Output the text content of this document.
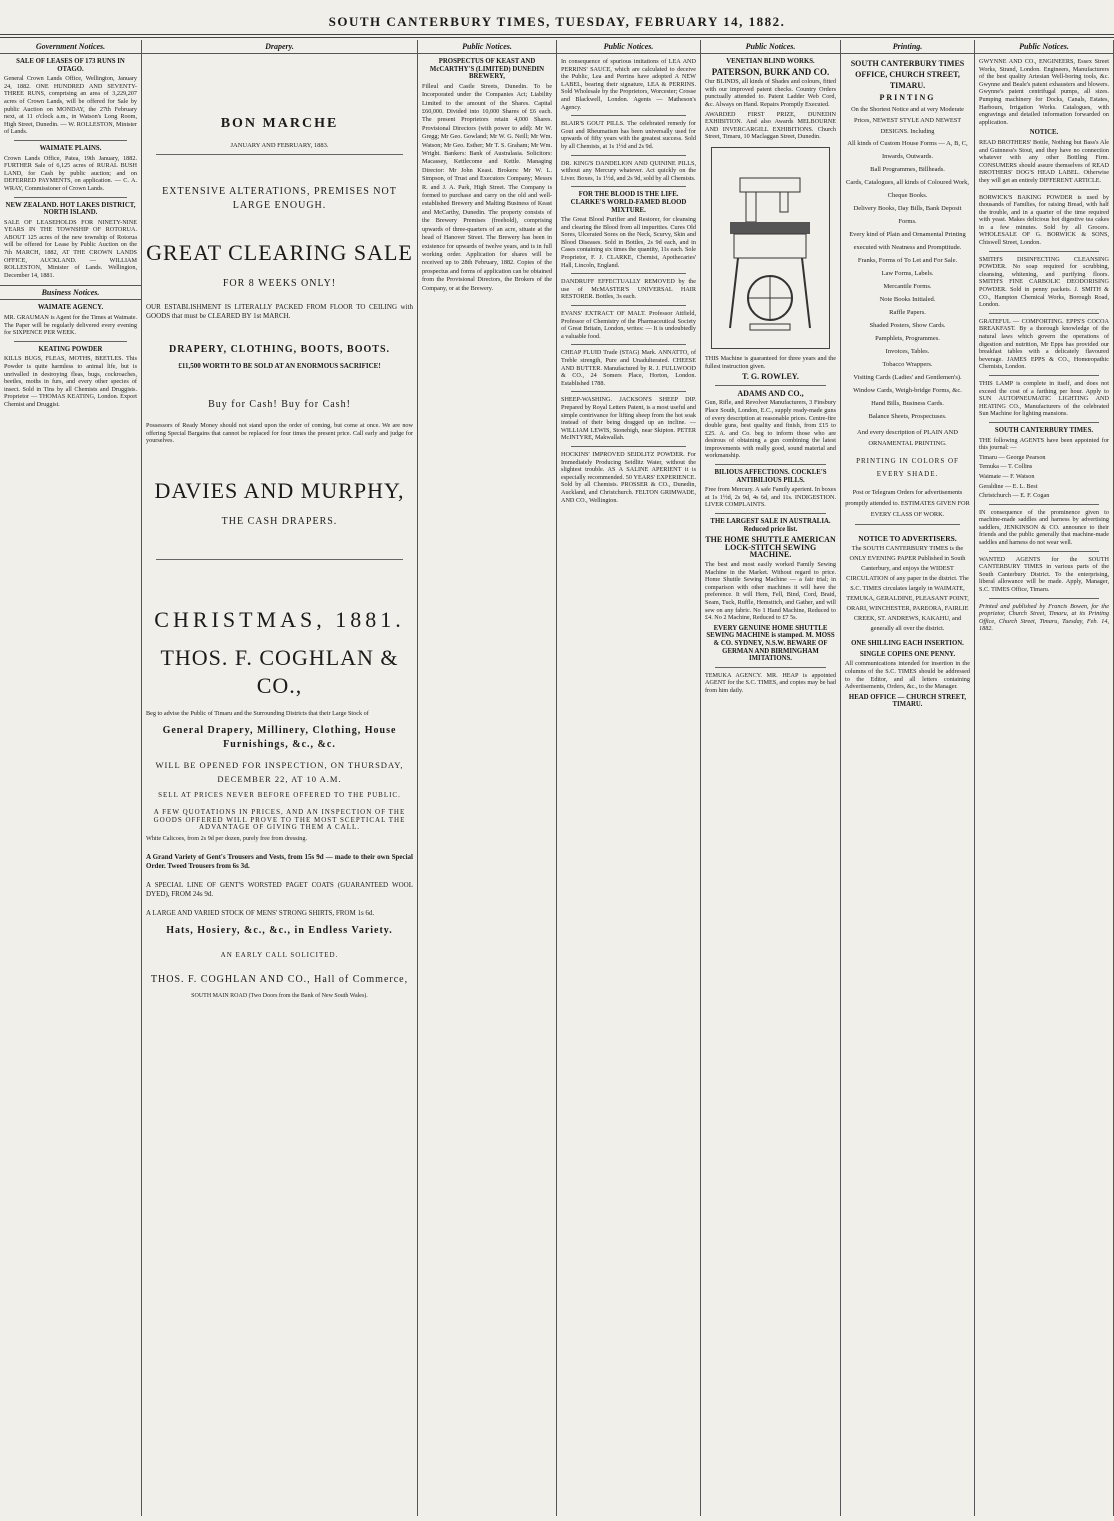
SOUTH CANTERBURY TIMES, TUESDAY, FEBRUARY 14, 1882.
Government Notices.
SALE OF LEASES OF 173 RUNS IN OTAGO.
General Crown Lands Office, Wellington, January 24, 1882. ONE HUNDRED AND SEVENTY-THREE RUNS, comprising an area of 3,229,207 acres of Crown Lands, will be offered for Sale by public Auction on MONDAY, the 27th February next, at 11 o'clock a.m., in Watson's Long Room, High Street, Dunedin. — W. ROLLESTON, Minister of Lands.
WAIMATE PLAINS.
Crown Lands Office, Patea, 19th January, 1882. FURTHER Sale of 6,125 acres of RURAL BUSH LAND, for Cash by public auction; and on DEFERRED PAYMENTS, on application. — C. A. WRAY, Commissioner of Crown Lands.
NEW ZEALAND. HOT LAKES DISTRICT, NORTH ISLAND.
SALE OF LEASEHOLDS FOR NINETY-NINE YEARS IN THE TOWNSHIP OF ROTORUA. ABOUT 125 acres of the new township of Rotorua will be offered for Lease by Public Auction on the 7th MARCH, 1882, AT THE CROWN LANDS OFFICE, AUCKLAND. — WILLIAM ROLLESTON, Minister of Lands. Wellington, December 14, 1881.
Business Notices.
WAIMATE AGENCY.
MR. GRAUMAN is Agent for the Times at Waimate. The Paper will be regularly delivered every evening for SIXPENCE PER WEEK.
KEATING POWDER
KILLS BUGS, FLEAS, MOTHS, BEETLES. This Powder is quite harmless to animal life, but is unrivalled in destroying fleas, bugs, cockroaches, beetles, moths in furs, and every other species of insect. Sold in Tins by all Chemists and Druggists. Proprietor — THOMAS KEATING, London. Export Chemist and Druggist.
Drapery.
BON MARCHE
JANUARY AND FEBRUARY, 1883.
EXTENSIVE ALTERATIONS, PREMISES NOT LARGE ENOUGH.
GREAT CLEARING SALE
FOR 8 WEEKS ONLY!
OUR ESTABLISHMENT IS LITERALLY PACKED FROM FLOOR TO CEILING with GOODS that must be CLEARED BY 1st MARCH.
DRAPERY, CLOTHING, BOOTS, BOOTS.
£11,500 WORTH TO BE SOLD AT AN ENORMOUS SACRIFICE!
Buy for Cash! Buy for Cash!
Possessors of Ready Money should not stand upon the order of coming, but come at once. We are now offering Special Bargains that cannot be replaced for four times the present price. Call early and judge for yourselves.
DAVIES AND MURPHY,
THE CASH DRAPERS.
CHRISTMAS, 1881.
THOS. F. COGHLAN & CO.,
Beg to advise the Public of Timaru and the Surrounding Districts that their Large Stock of
General Drapery, Millinery, Clothing, House Furnishings, &c., &c.
WILL BE OPENED FOR INSPECTION, ON THURSDAY, DECEMBER 22, AT 10 A.M.
SELL AT PRICES NEVER BEFORE OFFERED TO THE PUBLIC.
A FEW QUOTATIONS IN PRICES, AND AN INSPECTION OF THE GOODS OFFERED WILL PROVE TO THE MOST SCEPTICAL THE ADVANTAGE OF GIVING THEM A CALL.
White Calicoes, from 2s 9d per dozen, purely free from dressing.
A Grand Variety of Gent's Trousers and Vests, from 15s 9d — made to their own Special Order. Tweed Trousers from 6s 3d.
A SPECIAL LINE OF GENT'S WORSTED PAGET COATS (GUARANTEED WOOL DYED), FROM 24s 9d.
A LARGE AND VARIED STOCK OF MENS' STRONG SHIRTS, FROM 1s 6d.
Hats, Hosiery, &c., &c., in Endless Variety.
AN EARLY CALL SOLICITED.
THOS. F. COGHLAN AND CO., Hall of Commerce,
SOUTH MAIN ROAD (Two Doors from the Bank of New South Wales).
Public Notices.
PROSPECTUS OF KEAST AND McCARTHY'S (LIMITED) DUNEDIN BREWERY,
Filleul and Castle Streets, Dunedin. To be Incorporated under the Companies Act; Liability Limited to the amount of the Shares. Capital £60,000. Divided into 10,000 Shares of £6 each. The present Proprietors retain 4,000 Shares. Provisional Directors (with power to add): Mr W. Gregg; Mr Geo. Gowland; Mr W. G. Neill; Mr Wm. Watson; Mr Geo. Esther; Mr T. S. Graham; Mr Wm. Wright. Bankers: Bank of Australasia. Solicitors: Macassey, Kettlecome and Kettle. Managing Director: Mr John Keast. Brokers: Mr W. L. Simpson, of Trust and Executors Company; Messrs R. and J. A. Park, High Street. The Company is formed to purchase and carry on the old and well-established Brewery and Malting Business of Keast and McCarthy, Dunedin. The property consists of the Brewery Premises (freehold), comprising upwards of three-quarters of an acre, situate at the head of Hanover Street. The Brewery has been in existence for upwards of twelve years, and is in full working order. Application for shares will be received up to 28th February, 1882. Copies of the prospectus and forms of application can be obtained from the Provisional Directors, the Brokers of the Company, or at the Brewery.
Public Notices.
In consequence of spurious imitations of LEA AND PERRINS' SAUCE, which are calculated to deceive the Public, Lea and Perrins have adopted A NEW LABEL, bearing their signature, LEA & PERRINS. Sold Wholesale by the Proprietors, Worcester; Crosse and Blackwell, London. Agents — Matheson's Agency.
BLAIR'S GOUT PILLS. The celebrated remedy for Gout and Rheumatism has been universally used for upwards of fifty years with the greatest success. Sold by all Chemists, at 1s 1½d and 2s 9d.
DR. KING'S DANDELION AND QUININE PILLS, without any Mercury whatever. Act quickly on the Liver. Boxes, 1s 1½d, and 2s 9d, sold by all Chemists.
FOR THE BLOOD IS THE LIFE. CLARKE'S WORLD-FAMED BLOOD MIXTURE.
The Great Blood Purifier and Restorer, for cleansing and clearing the Blood from all impurities. Cures Old Sores, Ulcerated Sores on the Neck, Scurvy, Skin and Blood Diseases. Sold in Bottles, 2s 9d each, and in Cases containing six times the quantity, 11s each. Sole Proprietor, F. J. CLARKE, Chemist, Apothecaries' Hall, Lincoln, England.
DANDRUFF EFFECTUALLY REMOVED by the use of McMASTER'S UNIVERSAL HAIR RESTORER. Bottles, 3s each.
EVANS' EXTRACT OF MALT. Professor Attfield, Professor of Chemistry of the Pharmaceutical Society of Great Britain, London, writes: — It is undoubtedly a valuable food.
CHEAP FLUID Trade (STAG) Mark. ANNATTO, of Treble strength, Pure and Unadulterated. CHEESE AND BUTTER. Manufactured by R. J. FULLWOOD & CO., 24 Somers Place, Horton, London. Established 1788.
SHEEP-WASHING. JACKSON'S SHEEP DIP. Prepared by Royal Letters Patent, is a most useful and simple contrivance for lifting sheep from the hot soak instead of their being dragged up an incline. — WILLIAM LEWIS, Stonehigh, near Skipton. PETER McINTYRE, Makwallah.
HOCKINS' IMPROVED SEIDLITZ POWDER. For Immediately Producing Seidlitz Water, without the slightest trouble. AS A SALINE APERIENT it is especially recommended. 50 YEARS' EXPERIENCE. Sold by all Chemists. PROSSER & CO., Dunedin, Auckland, and Christchurch. FELTON GRIMWADE, AND CO., Wellington.
Public Notices.
VENETIAN BLIND WORKS.
PATERSON, BURK AND CO.
Our BLINDS, all kinds of Shades and colours, fitted with our improved patent checks. Country Orders punctually attended to. Patent Ladder Web Cord, &c. Always on Hand. Repairs Promptly Executed.
AWARDED FIRST PRIZE, DUNEDIN EXHIBITION. And also Awards MELBOURNE AND INVERCARGILL EXHIBITIONS. Church Street, Timaru, 10 Maclaggan Street, Dunedin.
THIS Machine is guaranteed for three years and the fullest instruction given.
T. G. ROWLEY.
ADAMS AND CO.,
Gun, Rifle, and Revolver Manufacturers, 3 Finsbury Place South, London, E.C., supply ready-made guns of every description at reasonable prices. Centre-fire double guns, best quality and finish, from £15 to £25. A. and Co. beg to inform those who are desirous of obtaining a gun combining the latest improvements with really good, sound material and workmanship.
BILIOUS AFFECTIONS. COCKLE'S ANTIBILIOUS PILLS.
Free from Mercury. A safe Family aperient. In boxes at 1s 1½d, 2s 9d, 4s 6d, and 11s. INDIGESTION. LIVER COMPLAINTS.
THE LARGEST SALE IN AUSTRALIA. Reduced price list.
THE HOME SHUTTLE AMERICAN LOCK-STITCH SEWING MACHINE.
The best and most easily worked Family Sewing Machine in the Market. Without regard to price. Home Shuttle Sewing Machine — a fair trial; in comparison with other machines it will have the preference. It will Hem, Fell, Bind, Cord, Braid, Seam, Tuck, Ruffle, Hemstitch, and Gather, and will sew on any fabric. No 1 Hand Machine, Reduced to £4. No 2 Machine, Reduced to £7 5s.
EVERY GENUINE HOME SHUTTLE SEWING MACHINE is stamped. M. MOSS & CO. SYDNEY, N.S.W. BEWARE OF GERMAN AND BIRMINGHAM IMITATIONS.
TEMUKA AGENCY. MR. HEAP is appointed AGENT for the S.C. TIMES, and copies may be had from him daily.
Printing.
SOUTH CANTERBURY TIMES OFFICE, CHURCH STREET, TIMARU.
PRINTING
On the Shortest Notice and at very Moderate Prices, NEWEST STYLE AND NEWEST DESIGNS. Including
All kinds of Custom House Forms — A, B, C, Inwards, Outwards.
Ball Programmes, Billheads.
Cards, Catalogues, all kinds of Coloured Work, Cheque Books.
Delivery Books, Day Bills, Bank Deposit Forms.
Every kind of Plain and Ornamental Printing executed with Neatness and Promptitude.
Franks, Forms of To Let and For Sale.
Law Forms, Labels.
Mercantile Forms.
Note Books Initialed.
Raffle Papers.
Shaded Posters, Show Cards.
Pamphlets, Programmes.
Invoices, Tables.
Tobacco Wrappers.
Visiting Cards (Ladies' and Gentlemen's).
Window Cards, Weigh-bridge Forms, &c.
Hand Bills, Business Cards.
Balance Sheets, Prospectuses.
And every description of PLAIN AND ORNAMENTAL PRINTING.
PRINTING IN COLORS OF EVERY SHADE.
Post or Telegram Orders for advertisements promptly attended to. ESTIMATES GIVEN FOR EVERY CLASS OF WORK.
NOTICE TO ADVERTISERS.
The SOUTH CANTERBURY TIMES is the ONLY EVENING PAPER Published in South Canterbury, and enjoys the WIDEST CIRCULATION of any paper in the district. The S.C. TIMES circulates largely in WAIMATE, TEMUKA, GERALDINE, PLEASANT POINT, ORARI, WINCHESTER, PAREORA, FAIRLIE CREEK, ST. ANDREWS, KAKAHU, and generally all over the district.
ONE SHILLING EACH INSERTION.
SINGLE COPIES ONE PENNY.
All communications intended for insertion in the columns of the S.C. TIMES should be addressed to the Editor, and all letters containing Advertisements, Orders, &c., to the Manager.
HEAD OFFICE — CHURCH STREET, TIMARU.
Public Notices.
GWYNNE AND CO., ENGINEERS, Essex Street Works, Strand, London. Engineers, Manufacturers of the best quality Artesian Well-boring tools, &c. Gwynne and Beale's patent exhausters and blowers. Gwynne's patent centrifugal pumps, all sizes. Pumping machinery for Docks, Canals, Estates, Harbours, Irrigation Works. Catalogues, with engravings and detailed information forwarded on application.
NOTICE.
READ BROTHERS' Bottle, Nothing but Bass's Ale and Guinness's Stout, and they have no connection whatever with any other Bottling Firm. CONSUMERS should assure themselves of READ BROTHERS' DOG'S HEAD LABEL. Otherwise they will get an entirely DIFFERENT ARTICLE.
BORWICK'S BAKING POWDER is used by thousands of Families, for raising Bread, with half the trouble, and in a quarter of the time required with yeast. Makes delicious hot digestive tea cakes in a few minutes. Sold by all Grocers. WHOLESALE OF G. BORWICK & SONS, Chiswell Street, London.
SMITH'S DISINFECTING CLEANSING POWDER. No soap required for scrubbing, cleansing, whitening, and purifying floors. SMITH'S FINE CARBOLIC DEODORISING POWDER. Sold in penny packets. J. SMITH & CO., Hampton Chemical Works, Borough Road, London.
GRATEFUL — COMFORTING. EPPS'S COCOA BREAKFAST. By a thorough knowledge of the natural laws which govern the operations of digestion and nutrition, Mr Epps has provided our breakfast tables with a delicately flavoured beverage. JAMES EPPS & CO., Homœopathic Chemists, London.
THIS LAMP is complete in itself, and does not exceed the cost of a farthing per hour. Apply to SUN AUTOPNEUMATIC LIGHTING AND HEATING CO., Manufacturers of the celebrated Sun Machine for lighting mansions.
SOUTH CANTERBURY TIMES.
THE following AGENTS have been appointed for this journal: —
Timaru — George Pearson
Temuka — T. Collins
Waimate — F. Watson
Geraldine — E. L. Best
Christchurch — E. F. Cogan
IN consequence of the prominence given to machine-made saddles and harness by advertising saddlers, JENKINSON & CO. announce to their friends and the public generally that machine-made saddles and harness do not wear well.
WANTED AGENTS for the SOUTH CANTERBURY TIMES in various parts of the South Canterbury District. To the enterprising, liberal allowance will be made. Apply, Manager, S.C. TIMES Office, Timaru.
Printed and published by Francis Bowen, for the proprietor, Church Street, Timaru, at its Printing Office, Church Street, Timaru, Tuesday, Feb. 14, 1882.
